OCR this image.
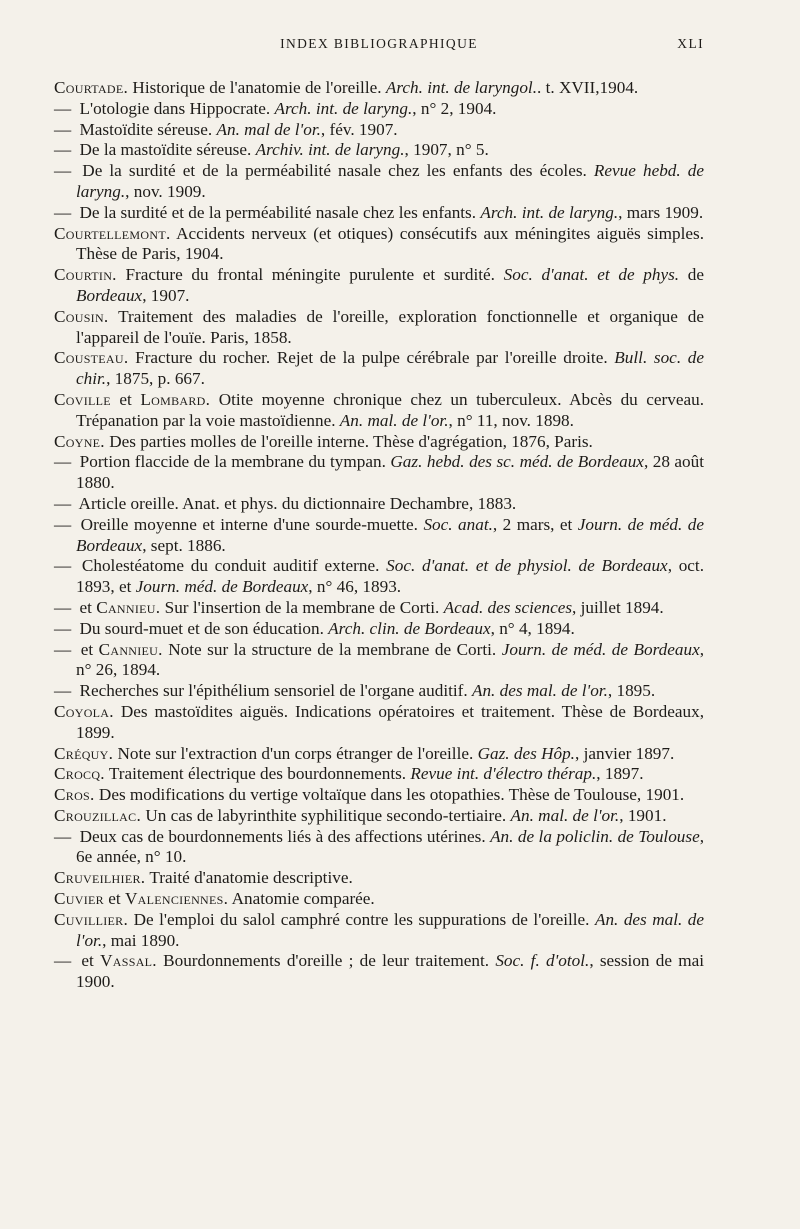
INDEX BIBLIOGRAPHIQUE	XLI

Courtade. Historique de l'anatomie de l'oreille. Arch. int. de laryngol.. t. XVII,1904.

— L'otologie dans Hippocrate. Arch. int. de laryng., n° 2, 1904.

— Mastoïdite séreuse. An. mal de l'or., fév. 1907.

— De la mastoïdite séreuse. Archiv. int. de laryng., 1907, n° 5.

— De la surdité et de la perméabilité nasale chez les enfants des écoles. Revue hebd. de laryng., nov. 1909.

— De la surdité et de la perméabilité nasale chez les enfants. Arch. int. de laryng., mars 1909.

Courtellemont. Accidents nerveux (et otiques) consécutifs aux méningites aiguës simples. Thèse de Paris, 1904.

Courtin. Fracture du frontal méningite purulente et surdité. Soc. d'anat. et de phys. de Bordeaux, 1907.

Cousin. Traitement des maladies de l'oreille, exploration fonctionnelle et organique de l'appareil de l'ouïe. Paris, 1858.

Cousteau. Fracture du rocher. Rejet de la pulpe cérébrale par l'oreille droite. Bull. soc. de chir., 1875, p. 667.

Coville et Lombard. Otite moyenne chronique chez un tuberculeux. Abcès du cerveau. Trépanation par la voie mastoïdienne. An. mal. de l'or., n° 11, nov. 1898.

Coyne. Des parties molles de l'oreille interne. Thèse d'agrégation, 1876, Paris.

— Portion flaccide de la membrane du tympan. Gaz. hebd. des sc. méd. de Bordeaux, 28 août 1880.

— Article oreille. Anat. et phys. du dictionnaire Dechambre, 1883.

— Oreille moyenne et interne d'une sourde-muette. Soc. anat., 2 mars, et Journ. de méd. de Bordeaux, sept. 1886.

— Cholestéatome du conduit auditif externe. Soc. d'anat. et de physiol. de Bordeaux, oct. 1893, et Journ. méd. de Bordeaux, n° 46, 1893.

— et Cannieu. Sur l'insertion de la membrane de Corti. Acad. des sciences, juillet 1894.

— Du sourd-muet et de son éducation. Arch. clin. de Bordeaux, n° 4, 1894.

— et Cannieu. Note sur la structure de la membrane de Corti. Journ. de méd. de Bordeaux, n° 26, 1894.

— Recherches sur l'épithélium sensoriel de l'organe auditif. An. des mal. de l'or., 1895.

Coyola. Des mastoïdites aiguës. Indications opératoires et traitement. Thèse de Bordeaux, 1899.

Créquy. Note sur l'extraction d'un corps étranger de l'oreille. Gaz. des Hôp., janvier 1897.

Crocq. Traitement électrique des bourdonnements. Revue int. d'électro thérap., 1897.

Cros. Des modifications du vertige voltaïque dans les otopathies. Thèse de Toulouse, 1901.

Crouzillac. Un cas de labyrinthite syphilitique secondo-tertiaire. An. mal. de l'or., 1901.

— Deux cas de bourdonnements liés à des affections utérines. An. de la policlin. de Toulouse, 6e année, n° 10.

Cruveilhier. Traité d'anatomie descriptive.

Cuvier et Valenciennes. Anatomie comparée.

Cuvillier. De l'emploi du salol camphré contre les suppurations de l'oreille. An. des mal. de l'or., mai 1890.

— et Vassal. Bourdonnements d'oreille ; de leur traitement. Soc. f. d'otol., session de mai 1900.
